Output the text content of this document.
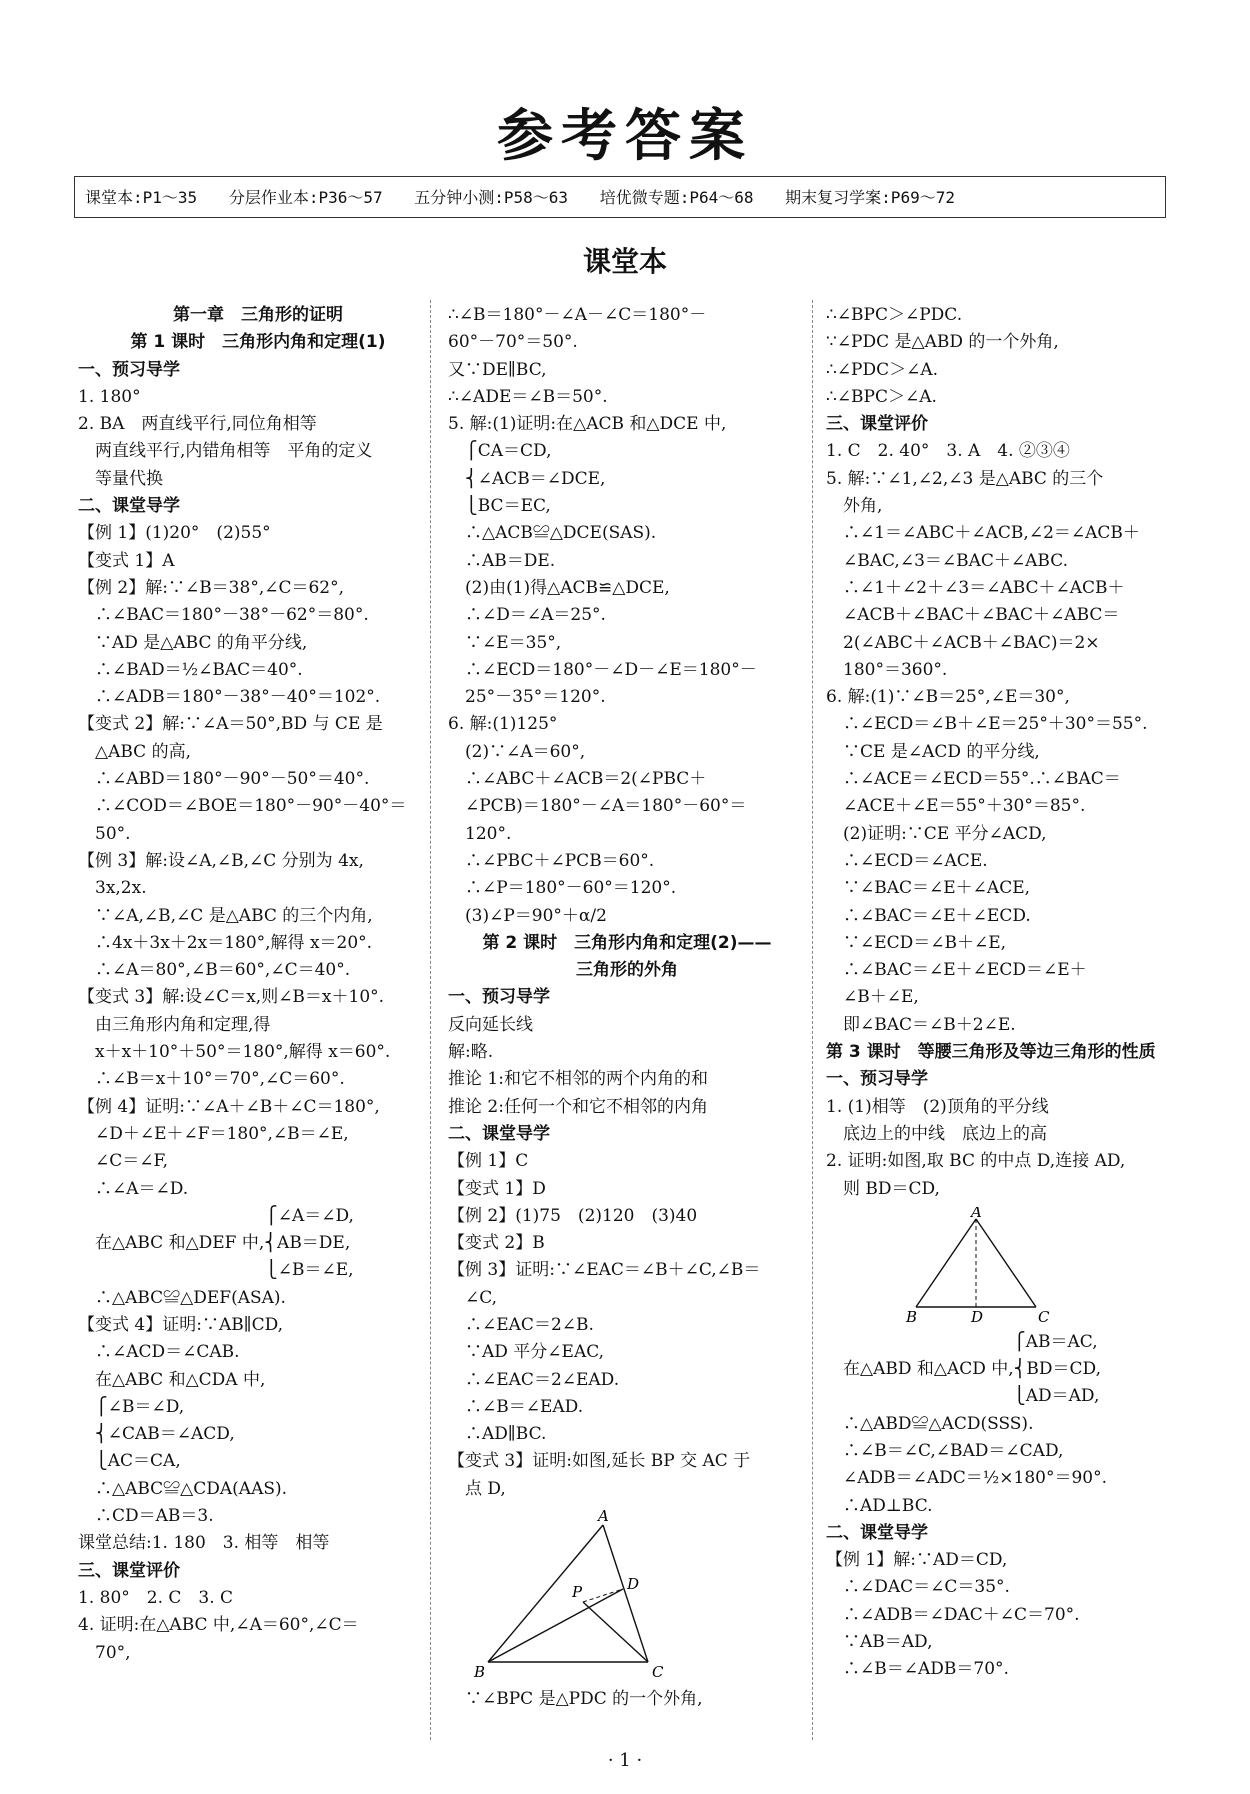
参考答案
课堂本:P1～35 分层作业本:P36～57 五分钟小测:P58～63 培优微专题:P64～68 期末复习学案:P69～72
课堂本
第一章　三角形的证明
第 1 课时　三角形内角和定理(1)
一、预习导学
1. 180°
2. BA　两直线平行,同位角相等
　两直线平行,内错角相等　平角的定义
　等量代换
二、课堂导学
【例 1】(1)20°　(2)55°
【变式 1】A
【例 2】解:∵∠B＝38°,∠C＝62°,
　∴∠BAC＝180°－38°－62°＝80°.
　∵AD 是△ABC 的角平分线,
　∴∠BAD＝½∠BAC＝40°.
　∴∠ADB＝180°－38°－40°＝102°.
【变式 2】解:∵∠A＝50°,BD 与 CE 是
　△ABC 的高,
　∴∠ABD＝180°－90°－50°＝40°.
　∴∠COD＝∠BOE＝180°－90°－40°＝
　50°.
【例 3】解:设∠A,∠B,∠C 分别为 4x,
　3x,2x.
　∵∠A,∠B,∠C 是△ABC 的三个内角,
　∴4x＋3x＋2x＝180°,解得 x＝20°.
　∴∠A＝80°,∠B＝60°,∠C＝40°.
【变式 3】解:设∠C＝x,则∠B＝x＋10°.
　由三角形内角和定理,得
　x＋x＋10°＋50°＝180°,解得 x＝60°.
　∴∠B＝x＋10°＝70°,∠C＝60°.
【例 4】证明:∵∠A＋∠B＋∠C＝180°,
　∠D＋∠E＋∠F＝180°,∠B＝∠E,
　∠C＝∠F,
　∴∠A＝∠D.
　　　　　　　　　　　⎧∠A＝∠D,
　在△ABC 和△DEF 中,⎨AB＝DE,
　　　　　　　　　　　⎩∠B＝∠E,
　∴△ABC≌△DEF(ASA).
【变式 4】证明:∵AB∥CD,
　∴∠ACD＝∠CAB.
　在△ABC 和△CDA 中,
　⎧∠B＝∠D,
　⎨∠CAB＝∠ACD,
　⎩AC＝CA,
　∴△ABC≌△CDA(AAS).
　∴CD＝AB＝3.
课堂总结:1. 180　3. 相等　相等
三、课堂评价
1. 80°　2. C　3. C
4. 证明:在△ABC 中,∠A＝60°,∠C＝
　70°,
∴∠B＝180°－∠A－∠C＝180°－
60°－70°＝50°.
又∵DE∥BC,
∴∠ADE＝∠B＝50°.
5. 解:(1)证明:在△ACB 和△DCE 中,
　⎧CA＝CD,
　⎨∠ACB＝∠DCE,
　⎩BC＝EC,
　∴△ACB≌△DCE(SAS).
　∴AB＝DE.
　(2)由(1)得△ACB≌△DCE,
　∴∠D＝∠A＝25°.
　∵∠E＝35°,
　∴∠ECD＝180°－∠D－∠E＝180°－
　25°－35°＝120°.
6. 解:(1)125°
　(2)∵∠A＝60°,
　∴∠ABC＋∠ACB＝2(∠PBC＋
　∠PCB)＝180°－∠A＝180°－60°＝
　120°.
　∴∠PBC＋∠PCB＝60°.
　∴∠P＝180°－60°＝120°.
　(3)∠P＝90°＋α/2
第 2 课时　三角形内角和定理(2)——
三角形的外角
一、预习导学
反向延长线
解:略.
推论 1:和它不相邻的两个内角的和
推论 2:任何一个和它不相邻的内角
二、课堂导学
【例 1】C
【变式 1】D
【例 2】(1)75　(2)120　(3)40
【变式 2】B
【例 3】证明:∵∠EAC＝∠B＋∠C,∠B＝
　∠C,
　∴∠EAC＝2∠B.
　∵AD 平分∠EAC,
　∴∠EAC＝2∠EAD.
　∴∠B＝∠EAD.
　∴AD∥BC.
【变式 3】证明:如图,延长 BP 交 AC 于
　点 D,
A
B	C
D
P
　∵∠BPC 是△PDC 的一个外角,
∴∠BPC＞∠PDC.
∵∠PDC 是△ABD 的一个外角,
∴∠PDC＞∠A.
∴∠BPC＞∠A.
三、课堂评价
1. C　2. 40°　3. A　4. ②③④
5. 解:∵∠1,∠2,∠3 是△ABC 的三个
　外角,
　∴∠1＝∠ABC＋∠ACB,∠2＝∠ACB＋
　∠BAC,∠3＝∠BAC＋∠ABC.
　∴∠1＋∠2＋∠3＝∠ABC＋∠ACB＋
　∠ACB＋∠BAC＋∠BAC＋∠ABC＝
　2(∠ABC＋∠ACB＋∠BAC)＝2×
　180°＝360°.
6. 解:(1)∵∠B＝25°,∠E＝30°,
　∴∠ECD＝∠B＋∠E＝25°＋30°＝55°.
　∵CE 是∠ACD 的平分线,
　∴∠ACE＝∠ECD＝55°.∴∠BAC＝
　∠ACE＋∠E＝55°＋30°＝85°.
　(2)证明:∵CE 平分∠ACD,
　∴∠ECD＝∠ACE.
　∵∠BAC＝∠E＋∠ACE,
　∴∠BAC＝∠E＋∠ECD.
　∵∠ECD＝∠B＋∠E,
　∴∠BAC＝∠E＋∠ECD＝∠E＋
　∠B＋∠E,
　即∠BAC＝∠B＋2∠E.
第 3 课时　等腰三角形及等边三角形的性质
一、预习导学
1. (1)相等　(2)顶角的平分线
　底边上的中线　底边上的高
2. 证明:如图,取 BC 的中点 D,连接 AD,
　则 BD＝CD,
A
B	D	C
　　　　　　　　　　　⎧AB＝AC,
　在△ABD 和△ACD 中,⎨BD＝CD,
　　　　　　　　　　　⎩AD＝AD,
　∴△ABD≌△ACD(SSS).
　∴∠B＝∠C,∠BAD＝∠CAD,
　∠ADB＝∠ADC＝½×180°＝90°.
　∴AD⊥BC.
二、课堂导学
【例 1】解:∵AD＝CD,
　∴∠DAC＝∠C＝35°.
　∴∠ADB＝∠DAC＋∠C＝70°.
　∵AB＝AD,
　∴∠B＝∠ADB＝70°.
· 1 ·
